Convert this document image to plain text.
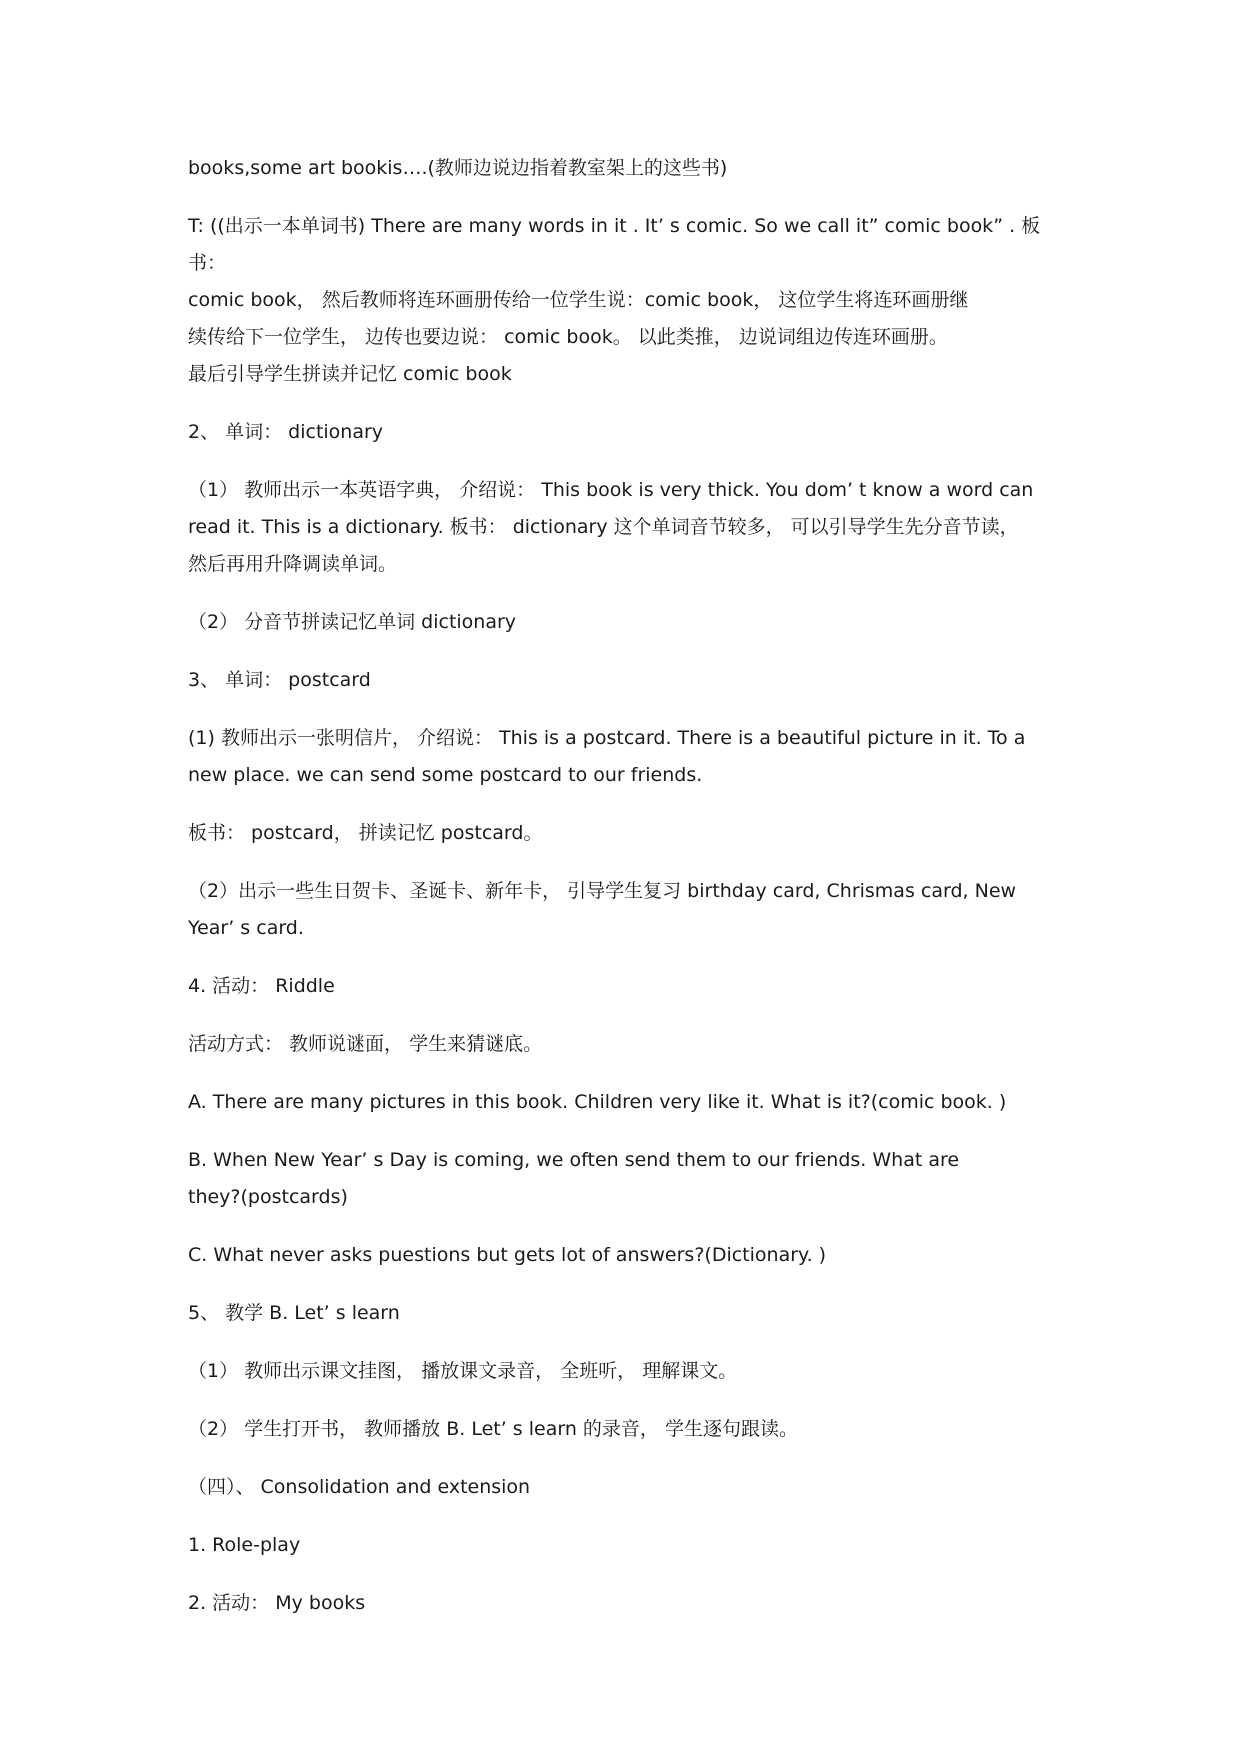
books,some art bookis….(教师边说边指着教室架上的这些书)

T: ((出示一本单词书) There are many words in it . It’ s comic. So we call it” comic book” . 板书：
comic book， 然后教师将连环画册传给一位学生说：comic book， 这位学生将连环画册继
续传给下一位学生， 边传也要边说： comic book。 以此类推， 边说词组边传连环画册。
最后引导学生拼读并记忆 comic book

2、 单词： dictionary

（1） 教师出示一本英语字典， 介绍说： This book is very thick. You dom’ t know a word can
read it. This is a dictionary. 板书： dictionary 这个单词音节较多， 可以引导学生先分音节读，
然后再用升降调读单词。

（2） 分音节拼读记忆单词 dictionary

3、 单词： postcard

(1) 教师出示一张明信片， 介绍说： This is a postcard. There is a beautiful picture in it. To a
new place. we can send some postcard to our friends.

板书： postcard， 拼读记忆 postcard。

（2）出示一些生日贺卡、圣诞卡、新年卡， 引导学生复习 birthday card, Chrismas card, New
Year’ s card.

4. 活动： Riddle

活动方式： 教师说谜面， 学生来猜谜底。

A. There are many pictures in this book. Children very like it. What is it?(comic book. )

B. When New Year’ s Day is coming, we often send them to our friends. What are
they?(postcards)

C. What never asks puestions but gets lot of answers?(Dictionary. )

5、 教学 B. Let’ s learn

（1） 教师出示课文挂图， 播放课文录音， 全班听， 理解课文。

（2） 学生打开书， 教师播放 B. Let’ s learn 的录音， 学生逐句跟读。

（四）、 Consolidation and extension

1. Role-play

2. 活动： My books
